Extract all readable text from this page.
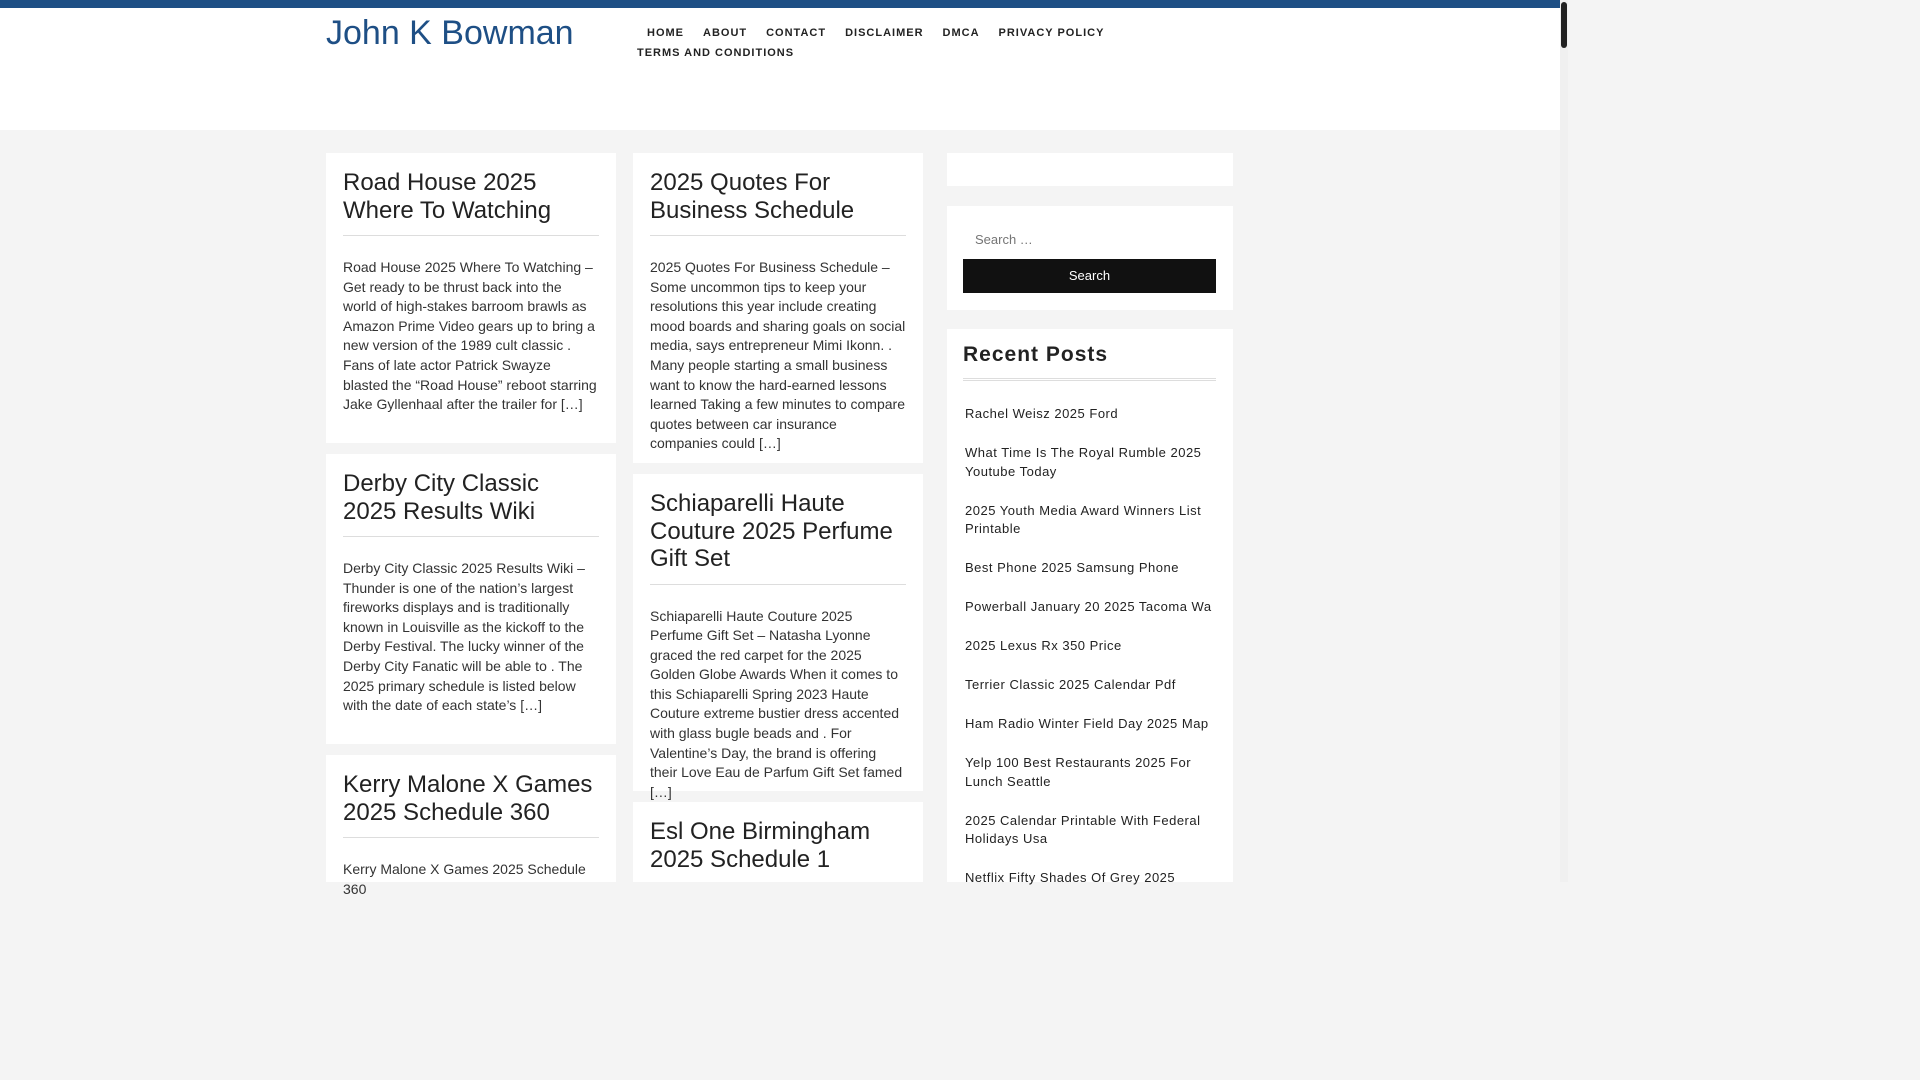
John K Bowman	HOME ABOUT CONTACT DISCLAIMER DMCA PRIVACY POLICYTERMS AND CONDITIONS
Road House 2025 Where To Watching

Road House 2025 Where To Watching – Get ready to be thrust back into the world of high-stakes barroom brawls as Amazon Prime Video gears up to bring a new version of the 1989 cult classic . Fans of late actor Patrick Swayze blasted the “Road House” reboot starring Jake Gyllenhaal after the trailer for […]

Derby City Classic 2025 Results Wiki

Derby City Classic 2025 Results Wiki – Thunder is one of the nation’s largest fireworks displays and is traditionally known in Louisville as the kickoff to the Derby Festival. The lucky winner of the Derby City Fanatic will be able to . The 2025 primary schedule is listed below with the date of each state’s […]

Kerry Malone X Games 2025 Schedule 360

Kerry Malone X Games 2025 Schedule 360

2025 Quotes For Business Schedule

2025 Quotes For Business Schedule – Some uncommon tips to keep your resolutions this year include creating mood boards and sharing goals on social media, says entrepreneur Mimi Ikonn. . Many people starting a small business want to know the hard-earned lessons learned Taking a few minutes to compare quotes between car insurance companies could […]

Schiaparelli Haute Couture 2025 Perfume Gift Set

Schiaparelli Haute Couture 2025 Perfume Gift Set – Natasha Lyonne graced the red carpet for the 2025 Golden Globe Awards When it comes to this Schiaparelli Spring 2023 Haute Couture extreme bustier dress accented with glass bugle beads and . For Valentine’s Day, the brand is offering their Love Eau de Parfum Gift Set famed […]

Esl One Birmingham 2025 Schedule 1
Search …
Search
Recent Posts
Rachel Weisz 2025 Ford
What Time Is The Royal Rumble 2025 Youtube Today
2025 Youth Media Award Winners List Printable
Best Phone 2025 Samsung Phone
Powerball January 20 2025 Tacoma Wa
2025 Lexus Rx 350 Price
Terrier Classic 2025 Calendar Pdf
Ham Radio Winter Field Day 2025 Map
Yelp 100 Best Restaurants 2025 For Lunch Seattle
2025 Calendar Printable With Federal Holidays Usa
Netflix Fifty Shades Of Grey 2025
